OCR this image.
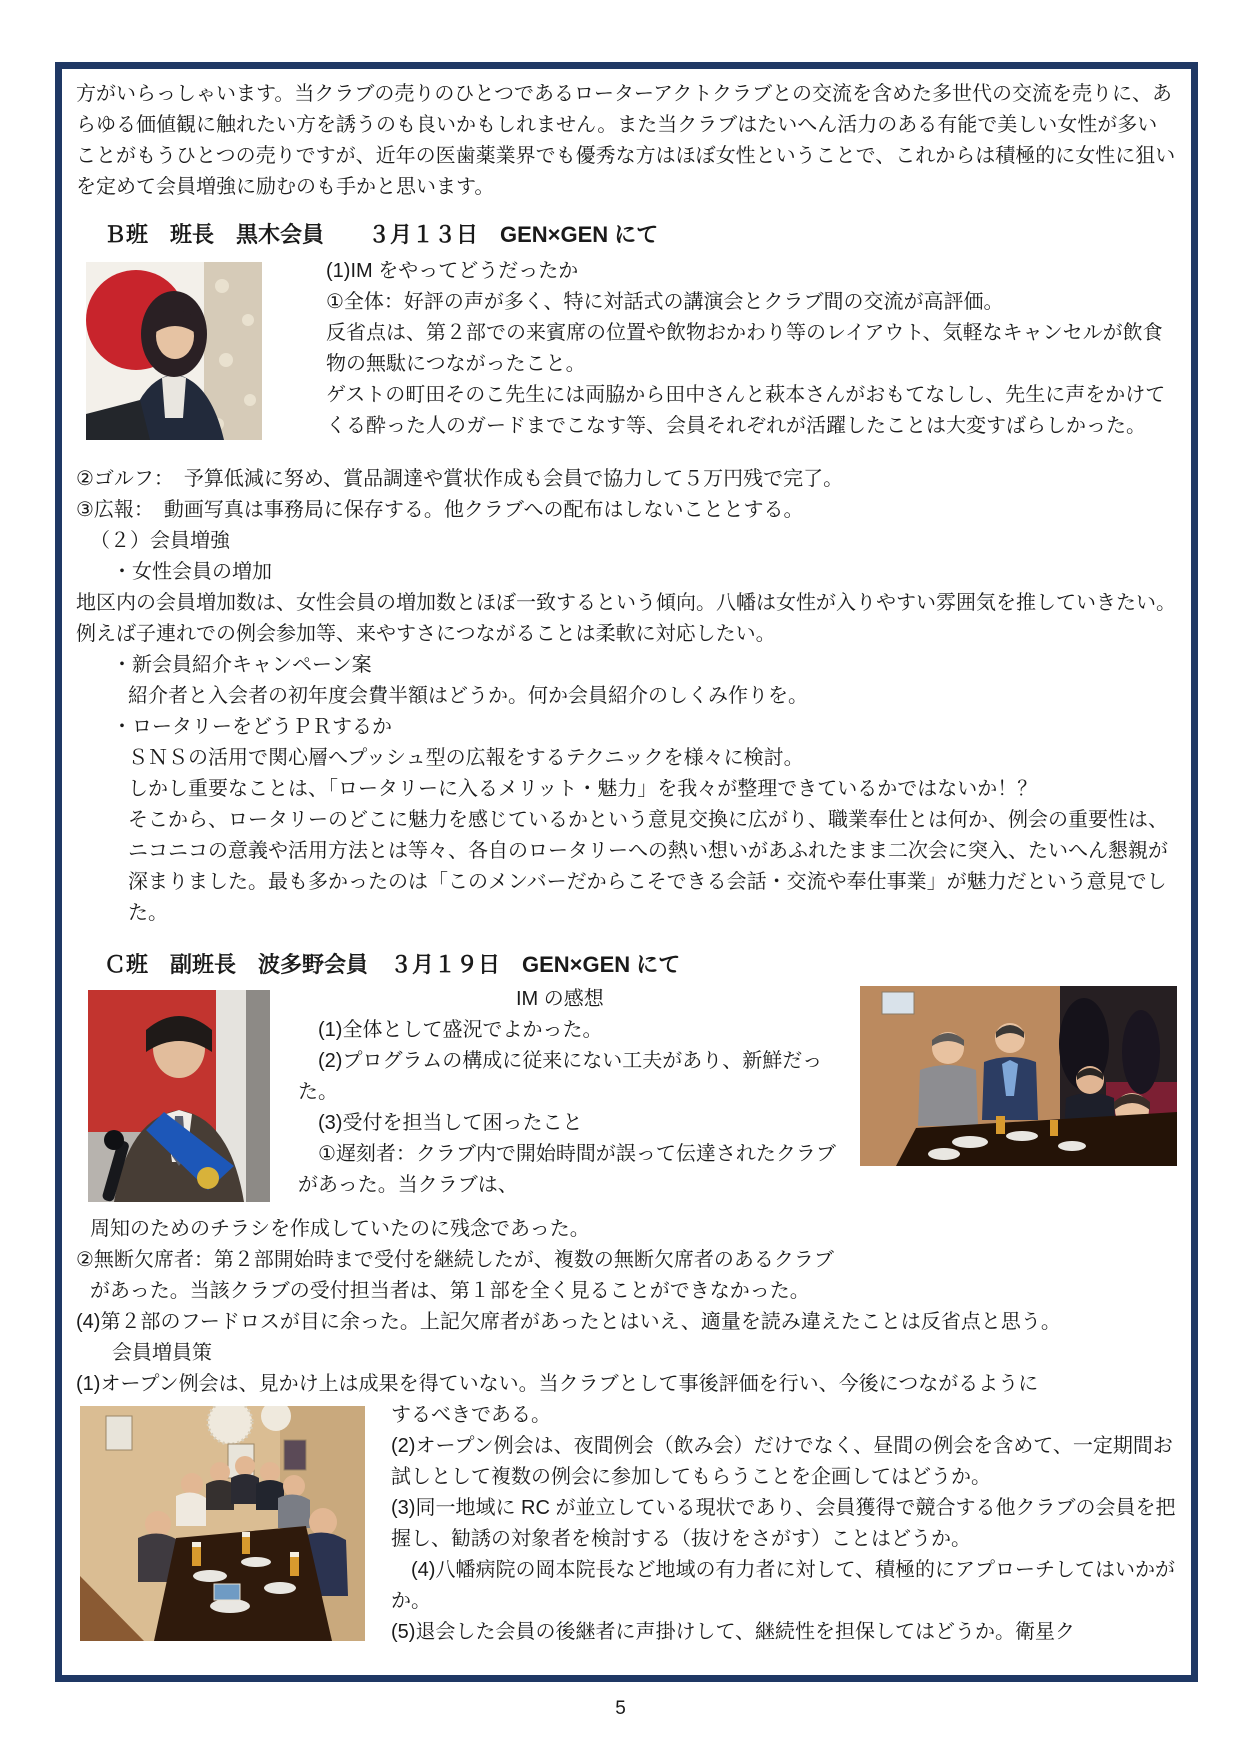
方がいらっしゃいます。当クラブの売りのひとつであるローターアクトクラブとの交流を含めた多世代の交流を売りに、あらゆる価値観に触れたい方を誘うのも良いかもしれません。また当クラブはたいへん活力のある有能で美しい女性が多いことがもうひとつの売りですが、近年の医歯薬業界でも優秀な方はほぼ女性ということで、これからは積極的に女性に狙いを定めて会員増強に励むのも手かと思います。

Ｂ班　班長　黒木会員　　３月１３日　GEN×GEN にて

(1)IM をやってどうだったか

①全体：好評の声が多く、特に対話式の講演会とクラブ間の交流が高評価。

反省点は、第２部での来賓席の位置や飲物おかわり等のレイアウト、気軽なキャンセルが飲食物の無駄につながったこと。

ゲストの町田そのこ先生には両脇から田中さんと萩本さんがおもてなしし、先生に声をかけてくる酔った人のガードまでこなす等、会員それぞれが活躍したことは大変すばらしかった。

②ゴルフ：　予算低減に努め、賞品調達や賞状作成も会員で協力して５万円残で完了。

③広報：　動画写真は事務局に保存する。他クラブへの配布はしないこととする。

（２）会員増強

・女性会員の増加

地区内の会員増加数は、女性会員の増加数とほぼ一致するという傾向。八幡は女性が入りやすい雰囲気を推していきたい。例えば子連れでの例会参加等、来やすさにつながることは柔軟に対応したい。

・新会員紹介キャンペーン案

紹介者と入会者の初年度会費半額はどうか。何か会員紹介のしくみ作りを。

・ロータリーをどうＰＲするか

ＳＮＳの活用で関心層へプッシュ型の広報をするテクニックを様々に検討。

しかし重要なことは、「ロータリーに入るメリット・魅力」を我々が整理できているかではないか！？

そこから、ロータリーのどこに魅力を感じているかという意見交換に広がり、職業奉仕とは何か、例会の重要性は、ニコニコの意義や活用方法とは等々、各自のロータリーへの熱い想いがあふれたまま二次会に突入、たいへん懇親が深まりました。最も多かったのは「このメンバーだからこそできる会話・交流や奉仕事業」が魅力だという意見でした。

Ｃ班　副班長　波多野会員　３月１９日　GEN×GEN にて

IM の感想

(1)全体として盛況でよかった。

(2)プログラムの構成に従来にない工夫があり、新鮮だった。

(3)受付を担当して困ったこと

①遅刻者：クラブ内で開始時間が誤って伝達されたクラブがあった。当クラブは、

周知のためのチラシを作成していたのに残念であった。

②無断欠席者：第２部開始時まで受付を継続したが、複数の無断欠席者のあるクラブ

があった。当該クラブの受付担当者は、第１部を全く見ることができなかった。

(4)第２部のフードロスが目に余った。上記欠席者があったとはいえ、適量を読み違えたことは反省点と思う。

会員増員策

(1)オープン例会は、見かけ上は成果を得ていない。当クラブとして事後評価を行い、今後につながるように

するべきである。

(2)オープン例会は、夜間例会（飲み会）だけでなく、昼間の例会を含めて、一定期間お試しとして複数の例会に参加してもらうことを企画してはどうか。

(3)同一地域に RC が並立している現状であり、会員獲得で競合する他クラブの会員を把握し、勧誘の対象者を検討する（抜けをさがす）ことはどうか。

(4)八幡病院の岡本院長など地域の有力者に対して、積極的にアプローチしてはいかがか。

(5)退会した会員の後継者に声掛けして、継続性を担保してはどうか。衛星ク

5
